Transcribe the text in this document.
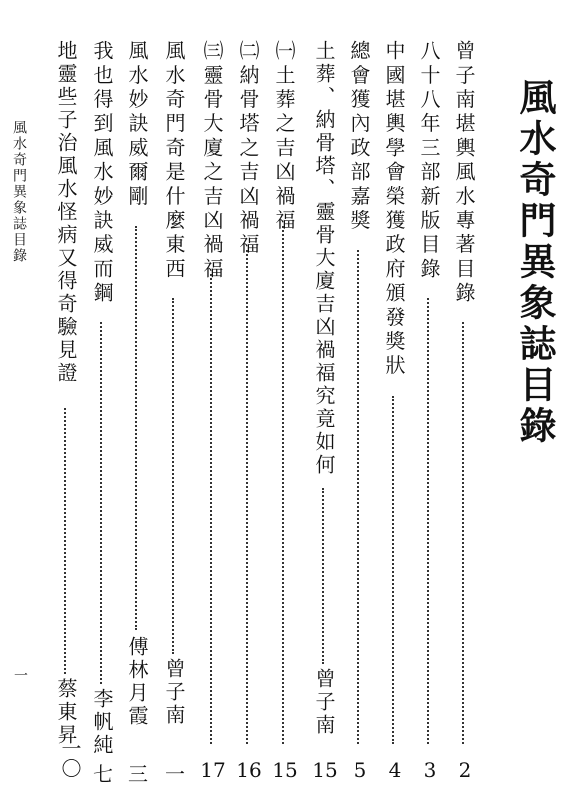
風水奇門異象誌目錄
風水奇門異象誌目錄
一
曾子南堪輿風水專著目錄
2
八十八年三部新版目錄
3
中國堪輿學會榮獲政府頒發獎狀
4
總會獲內政部嘉獎
5
土葬、納骨塔、靈骨大廈吉凶禍福究竟如何
曾子南
15
㈠土葬之吉凶禍福
15
㈡納骨塔之吉凶禍福
16
㈢靈骨大廈之吉凶禍福
17
風水奇門奇是什麼東西
曾子南
一
風水妙訣威爾剛
傅林月霞
三
我也得到風水妙訣威而鋼
李帆純
七
地靈些子治風水怪病又得奇驗見證
蔡東昇
一〇
